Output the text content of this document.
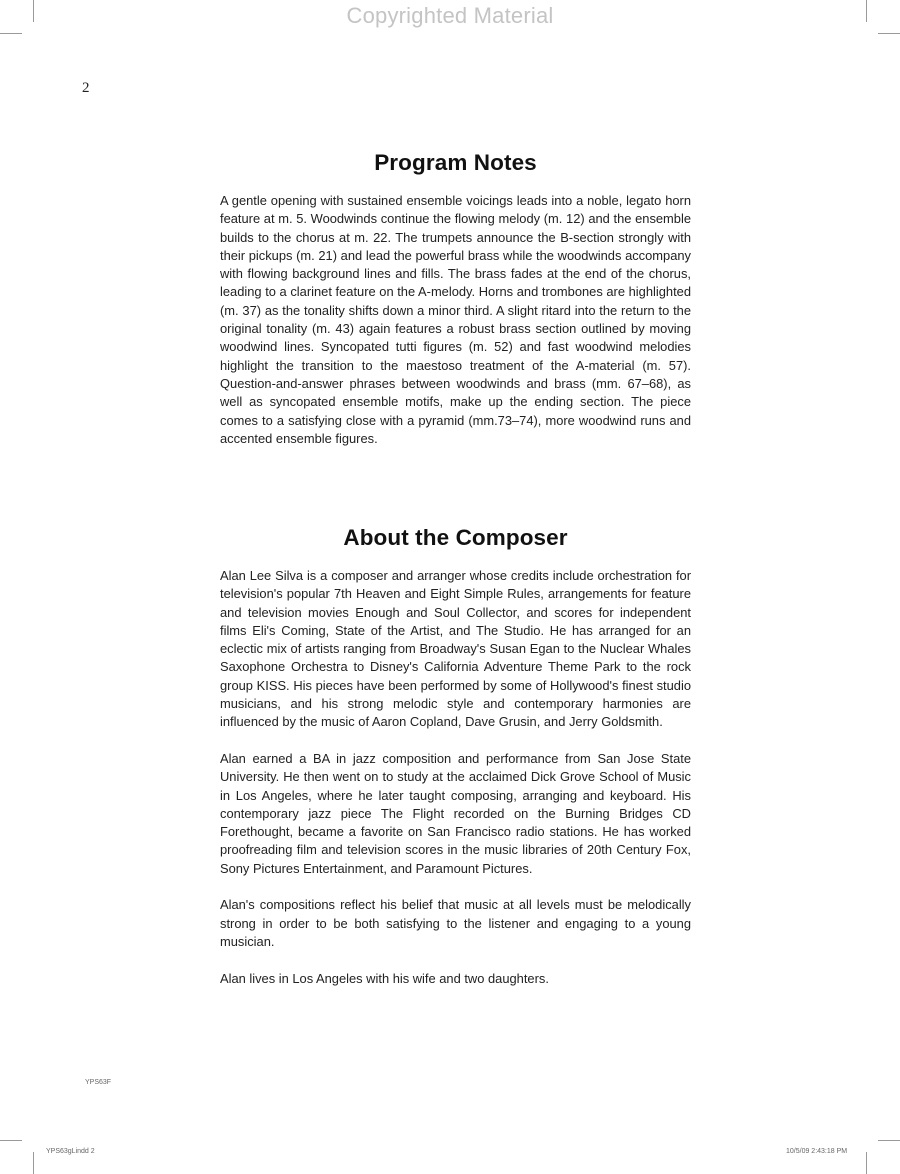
Copyrighted Material
2
Program Notes

A gentle opening with sustained ensemble voicings leads into a noble, legato horn feature at m. 5. Woodwinds continue the flowing melody (m. 12) and the ensemble builds to the chorus at m. 22. The trumpets announce the B-section strongly with their pickups (m. 21) and lead the powerful brass while the woodwinds accompany with flowing background lines and fills. The brass fades at the end of the chorus, leading to a clarinet feature on the A-melody. Horns and trombones are highlighted (m. 37) as the tonality shifts down a minor third. A slight ritard into the return to the original tonality (m. 43) again features a robust brass section outlined by moving woodwind lines. Syncopated tutti figures (m. 52) and fast woodwind melodies highlight the transition to the maestoso treatment of the A-material (m. 57). Question-and-answer phrases between woodwinds and brass (mm. 67–68), as well as syncopated ensemble motifs, make up the ending section. The piece comes to a satisfying close with a pyramid (mm.73–74), more woodwind runs and accented ensemble figures.

About the Composer

Alan Lee Silva is a composer and arranger whose credits include orchestration for television's popular 7th Heaven and Eight Simple Rules, arrangements for feature and television movies Enough and Soul Collector, and scores for independent films Eli's Coming, State of the Artist, and The Studio. He has arranged for an eclectic mix of artists ranging from Broadway's Susan Egan to the Nuclear Whales Saxophone Orchestra to Disney's California Adventure Theme Park to the rock group KISS. His pieces have been performed by some of Hollywood's finest studio musicians, and his strong melodic style and contemporary harmonies are influenced by the music of Aaron Copland, Dave Grusin, and Jerry Goldsmith.

Alan earned a BA in jazz composition and performance from San Jose State University. He then went on to study at the acclaimed Dick Grove School of Music in Los Angeles, where he later taught composing, arranging and keyboard. His contemporary jazz piece The Flight recorded on the Burning Bridges CD Forethought, became a favorite on San Francisco radio stations. He has worked proofreading film and television scores in the music libraries of 20th Century Fox, Sony Pictures Entertainment, and Paramount Pictures.

Alan's compositions reflect his belief that music at all levels must be melodically strong in order to be both satisfying to the listener and engaging to a young musician.

Alan lives in Los Angeles with his wife and two daughters.

YPS63F
YPS63gLindd 2	10/5/09 2:43:18 PM
